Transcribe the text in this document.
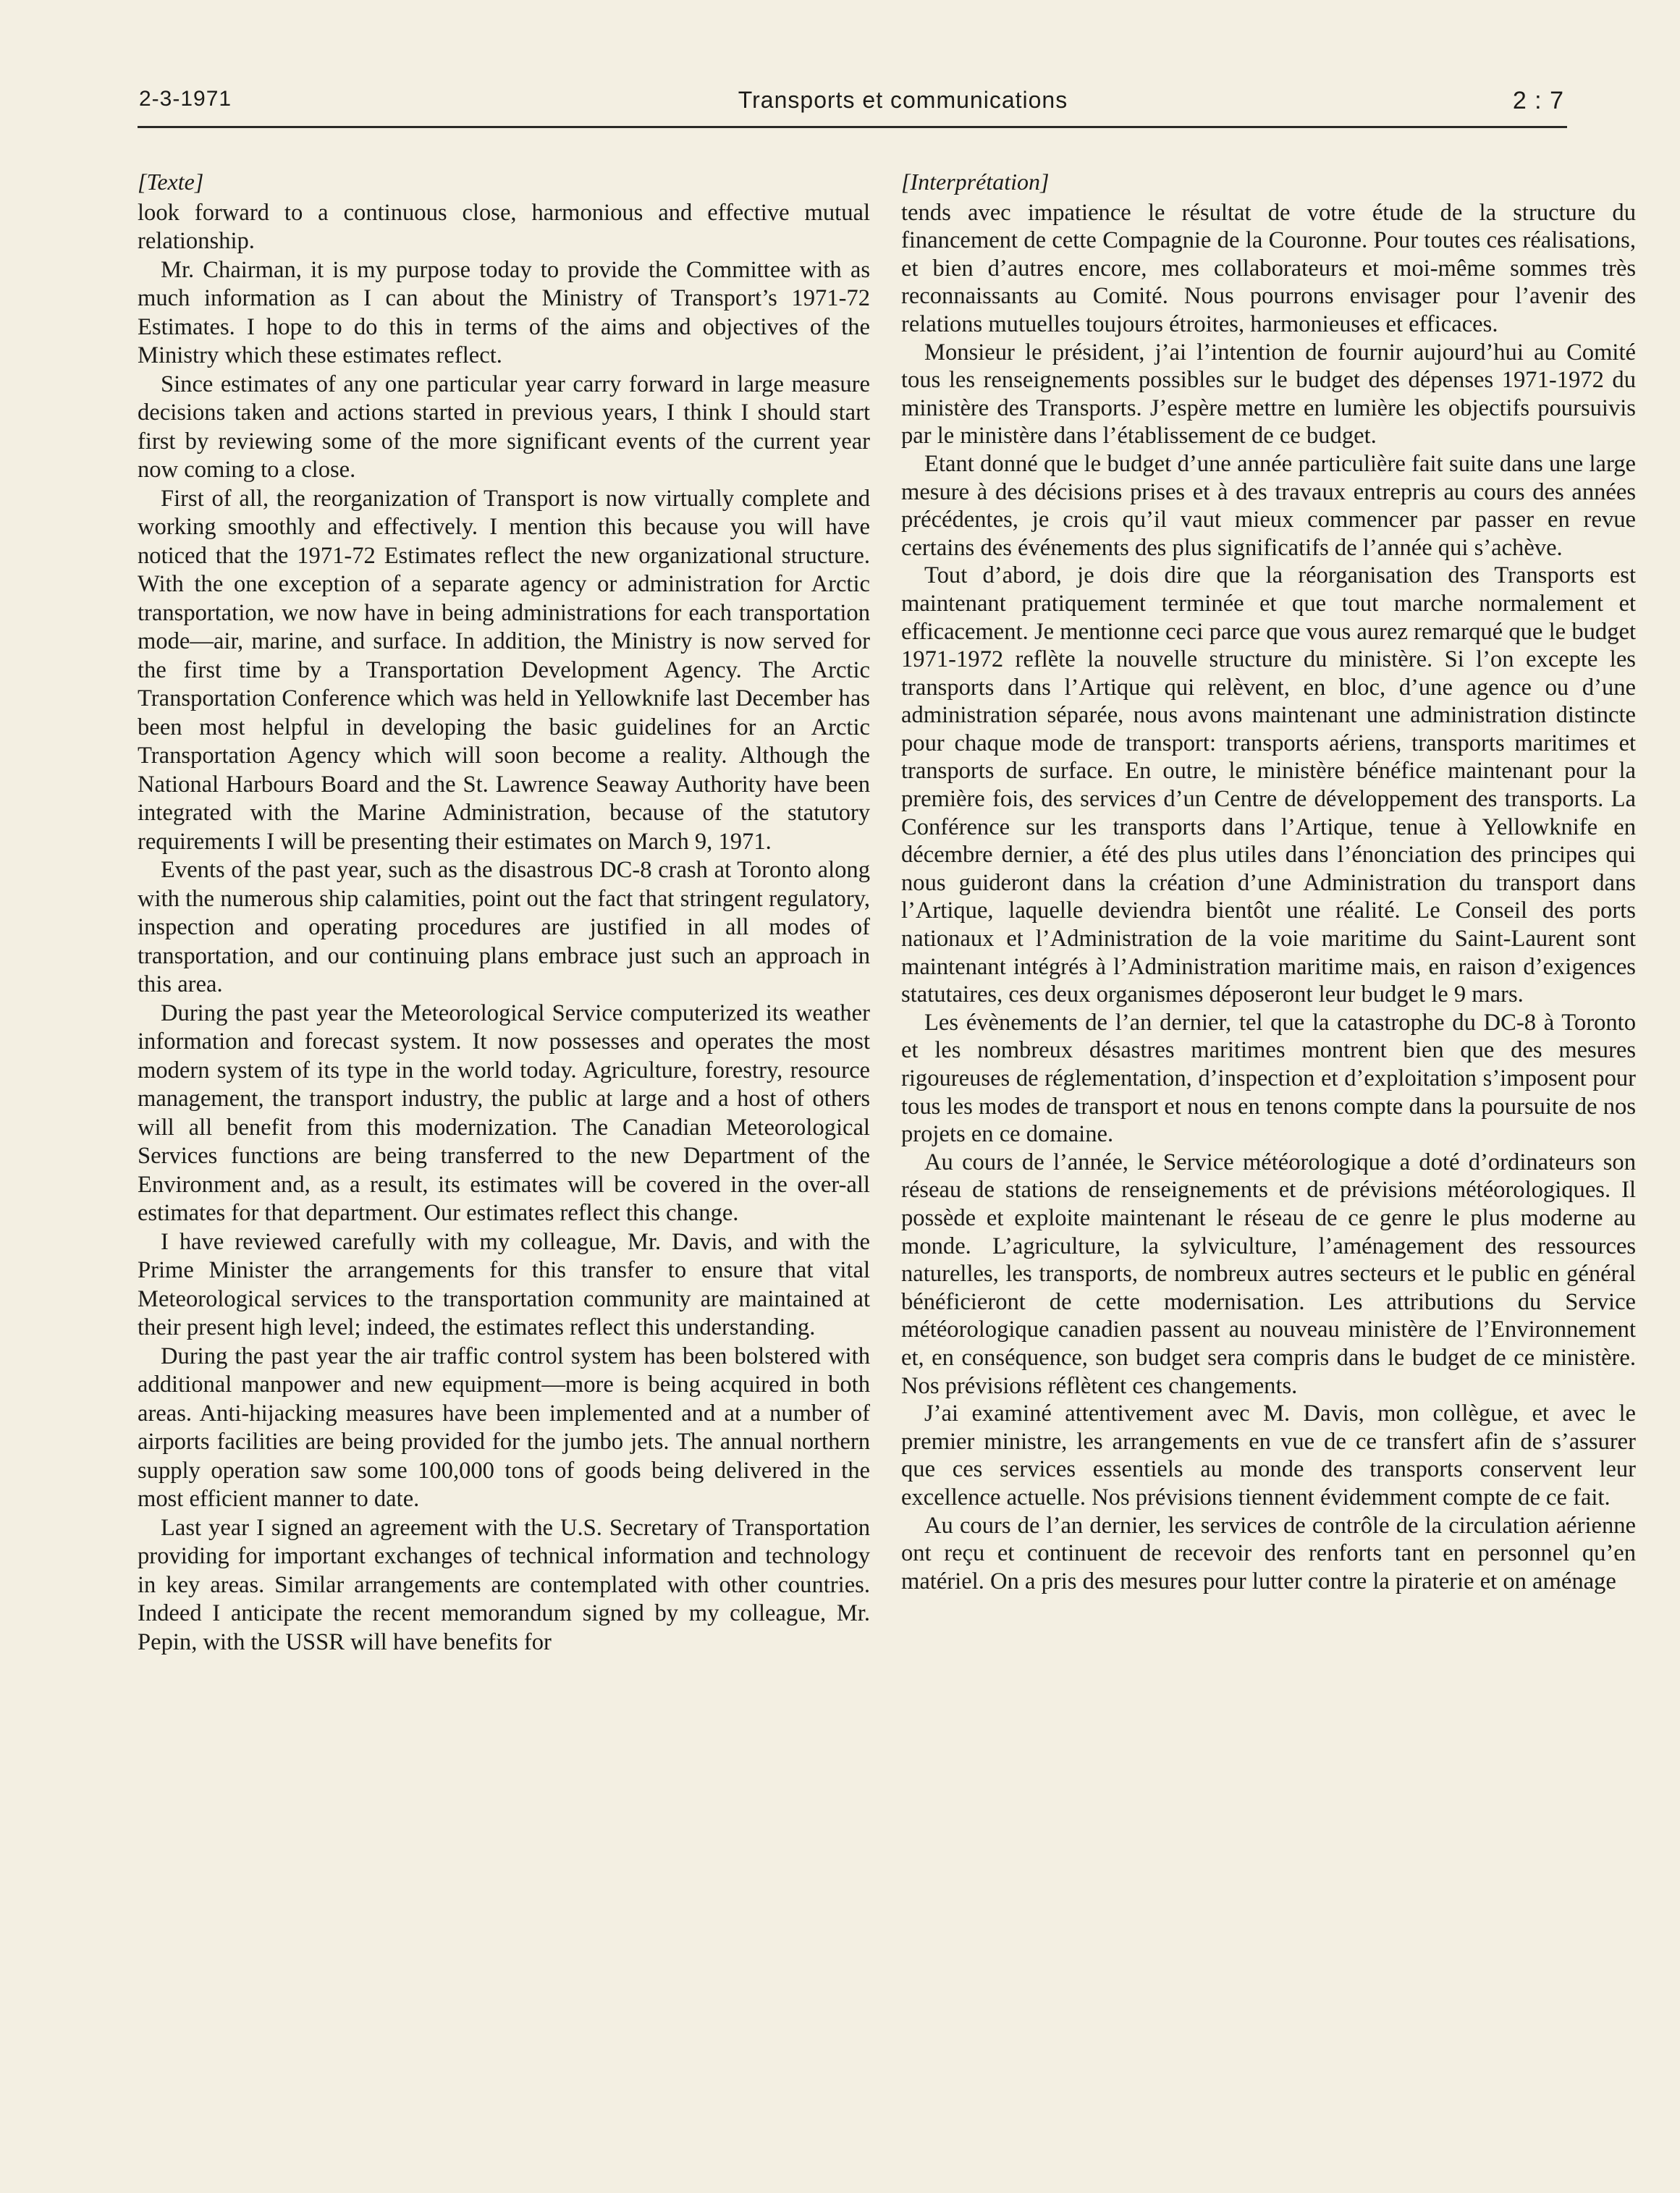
2-3-1971	Transports et communications	2 : 7
[Texte]

look forward to a continuous close, harmonious and effective mutual relationship.

Mr. Chairman, it is my purpose today to provide the Committee with as much information as I can about the Ministry of Transport’s 1971-72 Estimates. I hope to do this in terms of the aims and objectives of the Ministry which these estimates reflect.

Since estimates of any one particular year carry forward in large measure decisions taken and actions started in previous years, I think I should start first by reviewing some of the more significant events of the current year now coming to a close.

First of all, the reorganization of Transport is now virtually complete and working smoothly and effectively. I mention this because you will have noticed that the 1971-72 Estimates reflect the new organizational structure. With the one exception of a separate agency or administration for Arctic transportation, we now have in being administrations for each transportation mode—air, marine, and surface. In addition, the Ministry is now served for the first time by a Transportation Development Agency. The Arctic Transportation Conference which was held in Yellowknife last December has been most helpful in developing the basic guidelines for an Arctic Transportation Agency which will soon become a reality. Although the National Harbours Board and the St. Lawrence Seaway Authority have been integrated with the Marine Administration, because of the statutory requirements I will be presenting their estimates on March 9, 1971.

Events of the past year, such as the disastrous DC-8 crash at Toronto along with the numerous ship calamities, point out the fact that stringent regulatory, inspection and operating procedures are justified in all modes of transportation, and our continuing plans embrace just such an approach in this area.

During the past year the Meteorological Service computerized its weather information and forecast system. It now possesses and operates the most modern system of its type in the world today. Agriculture, forestry, resource management, the transport industry, the public at large and a host of others will all benefit from this modernization. The Canadian Meteorological Services functions are being transferred to the new Department of the Environment and, as a result, its estimates will be covered in the over-all estimates for that department. Our estimates reflect this change.

I have reviewed carefully with my colleague, Mr. Davis, and with the Prime Minister the arrangements for this transfer to ensure that vital Meteorological services to the transportation community are maintained at their present high level; indeed, the estimates reflect this understanding.

During the past year the air traffic control system has been bolstered with additional manpower and new equipment—more is being acquired in both areas. Anti-hijacking measures have been implemented and at a number of airports facilities are being provided for the jumbo jets. The annual northern supply operation saw some 100,000 tons of goods being delivered in the most efficient manner to date.

Last year I signed an agreement with the U.S. Secretary of Transportation providing for important exchanges of technical information and technology in key areas. Similar arrangements are contemplated with other countries. Indeed I anticipate the recent memorandum signed by my colleague, Mr. Pepin, with the USSR will have benefits for

[Interprétation]

tends avec impatience le résultat de votre étude de la structure du financement de cette Compagnie de la Couronne. Pour toutes ces réalisations, et bien d’autres encore, mes collaborateurs et moi-même sommes très reconnaissants au Comité. Nous pourrons envisager pour l’avenir des relations mutuelles toujours étroites, harmonieuses et efficaces.

Monsieur le président, j’ai l’intention de fournir aujourd’hui au Comité tous les renseignements possibles sur le budget des dépenses 1971-1972 du ministère des Transports. J’espère mettre en lumière les objectifs poursuivis par le ministère dans l’établissement de ce budget.

Etant donné que le budget d’une année particulière fait suite dans une large mesure à des décisions prises et à des travaux entrepris au cours des années précédentes, je crois qu’il vaut mieux commencer par passer en revue certains des événements des plus significatifs de l’année qui s’achève.

Tout d’abord, je dois dire que la réorganisation des Transports est maintenant pratiquement terminée et que tout marche normalement et efficacement. Je mentionne ceci parce que vous aurez remarqué que le budget 1971-1972 reflète la nouvelle structure du ministère. Si l’on excepte les transports dans l’Artique qui relèvent, en bloc, d’une agence ou d’une administration séparée, nous avons maintenant une administration distincte pour chaque mode de transport: transports aériens, transports maritimes et transports de surface. En outre, le ministère bénéfice maintenant pour la première fois, des services d’un Centre de développement des transports. La Conférence sur les transports dans l’Artique, tenue à Yellowknife en décembre dernier, a été des plus utiles dans l’énonciation des principes qui nous guideront dans la création d’une Administration du transport dans l’Artique, laquelle deviendra bientôt une réalité. Le Conseil des ports nationaux et l’Administration de la voie maritime du Saint-Laurent sont maintenant intégrés à l’Administration maritime mais, en raison d’exigences statutaires, ces deux organismes déposeront leur budget le 9 mars.

Les évènements de l’an dernier, tel que la catastrophe du DC-8 à Toronto et les nombreux désastres maritimes montrent bien que des mesures rigoureuses de réglementation, d’inspection et d’exploitation s’imposent pour tous les modes de transport et nous en tenons compte dans la poursuite de nos projets en ce domaine.

Au cours de l’année, le Service météorologique a doté d’ordinateurs son réseau de stations de renseignements et de prévisions météorologiques. Il possède et exploite maintenant le réseau de ce genre le plus moderne au monde. L’agriculture, la sylviculture, l’aménagement des ressources naturelles, les transports, de nombreux autres secteurs et le public en général bénéficieront de cette modernisation. Les attributions du Service météorologique canadien passent au nouveau ministère de l’Environnement et, en conséquence, son budget sera compris dans le budget de ce ministère. Nos prévisions réflètent ces changements.

J’ai examiné attentivement avec M. Davis, mon collègue, et avec le premier ministre, les arrangements en vue de ce transfert afin de s’assurer que ces services essentiels au monde des transports conservent leur excellence actuelle. Nos prévisions tiennent évidemment compte de ce fait.

Au cours de l’an dernier, les services de contrôle de la circulation aérienne ont reçu et continuent de recevoir des renforts tant en personnel qu’en matériel. On a pris des mesures pour lutter contre la piraterie et on aménage
